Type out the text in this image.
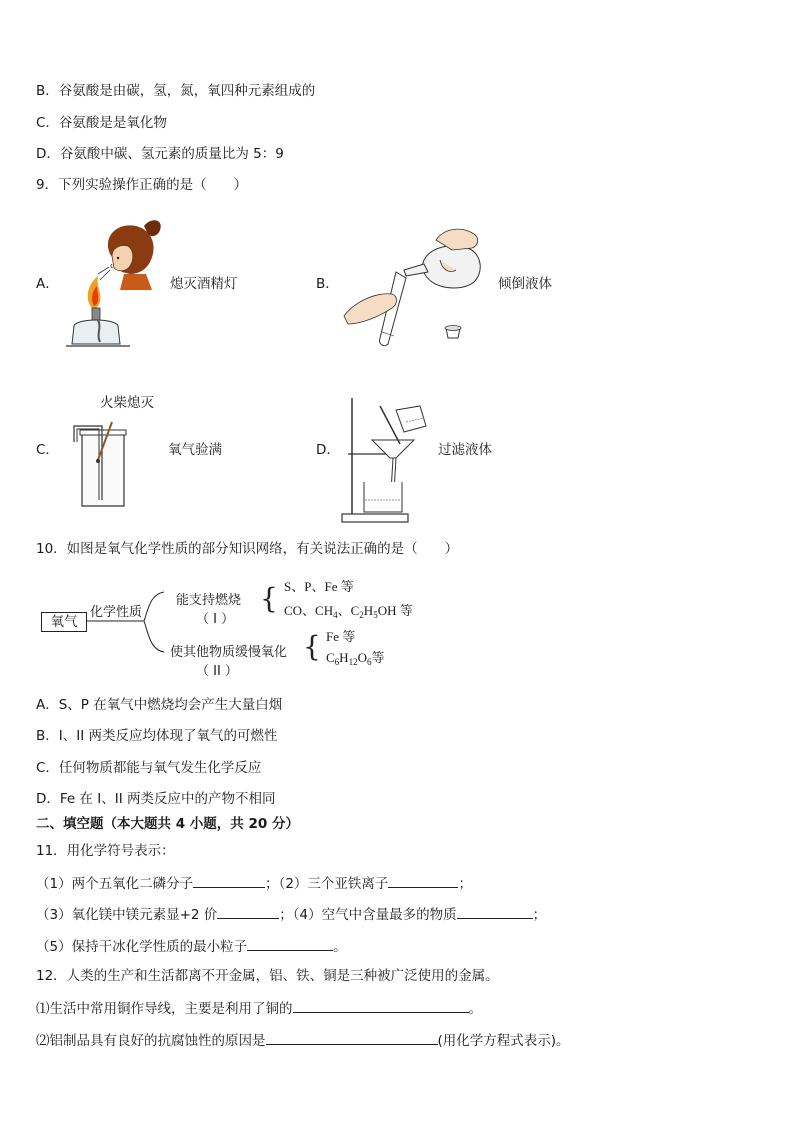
B．谷氨酸是由碳，氢，氮，氧四种元素组成的
C．谷氨酸是是氧化物
D．谷氨酸中碳、氢元素的质量比为 5：9
9．下列实验操作正确的是（　　）
A．	熄灭酒精灯	B．	倾倒液体
火柴熄灭
C．	氧气验满	D．	过滤液体
10．如图是氧气化学性质的部分知识网络，有关说法正确的是（　　）
氧气
化学性质
能支持燃烧
（ I ）
使其他物质缓慢氧化
（ II ）
{ S、P、Fe 等
CO、$CH_4$、$C_2H_5OH$ 等
{ Fe 等
$C_6H_{12}O_6$等
A．S、P 在氧气中燃烧均会产生大量白烟
B．I、II 两类反应均体现了氧气的可燃性
C．任何物质都能与氧气发生化学反应
D．Fe 在 I、II 两类反应中的产物不相同
二、填空题（本大题共 4 小题，共 20 分）
11．用化学符号表示：
（1）两个五氧化二磷分子	；（2）三个亚铁离子	；
（3）氧化镁中镁元素显+2 价	；（4）空气中含量最多的物质	；
（5）保持干冰化学性质的最小粒子	。
12．人类的生产和生活都离不开金属，铝、铁、铜是三种被广泛使用的金属。
⑴生活中常用铜作导线，主要是利用了铜的	。
⑵铝制品具有良好的抗腐蚀性的原因是	(用化学方程式表示)。
